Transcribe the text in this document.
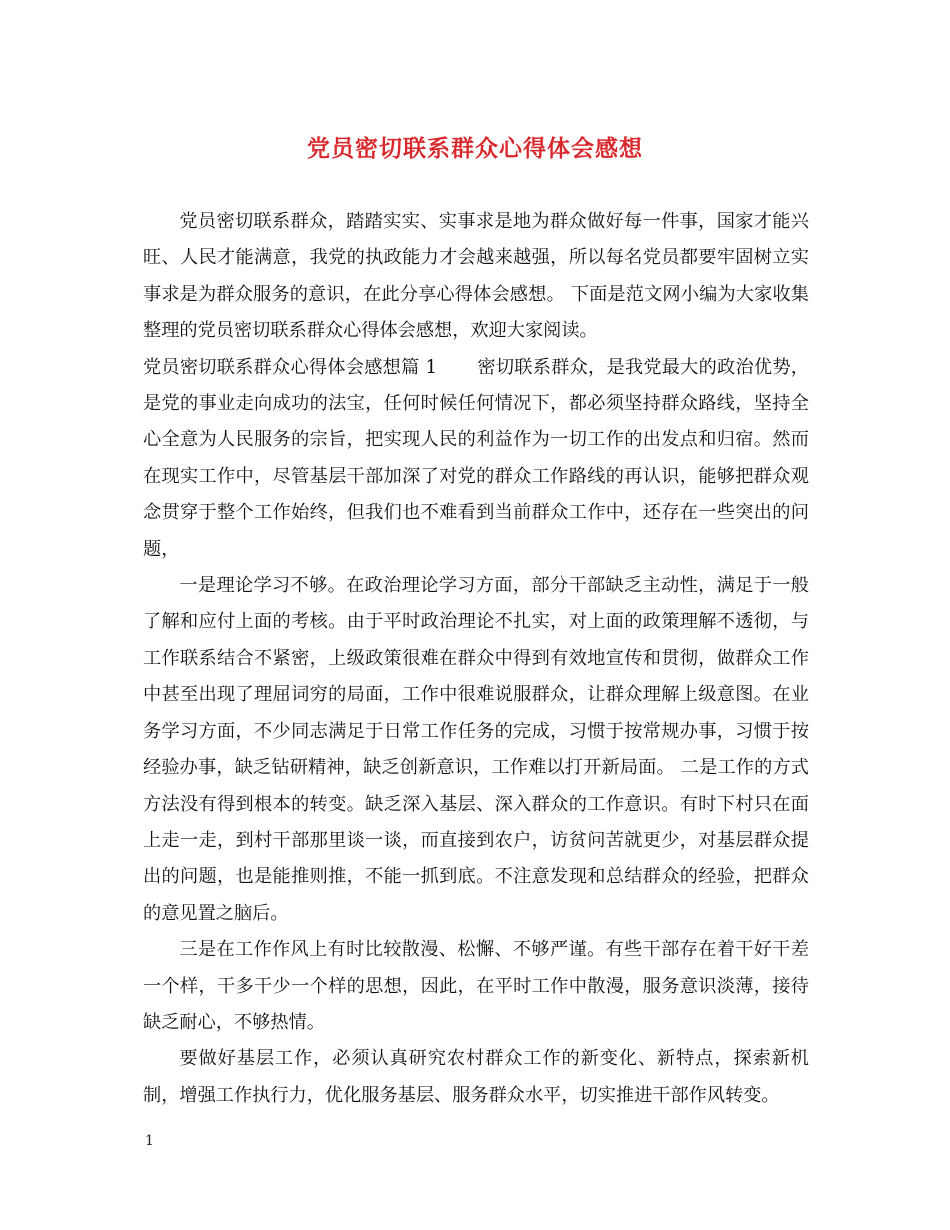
党员密切联系群众心得体会感想

党员密切联系群众，踏踏实实、实事求是地为群众做好每一件事，国家才能兴旺、人民才能满意，我党的执政能力才会越来越强，所以每名党员都要牢固树立实事求是为群众服务的意识，在此分享心得体会感想。 下面是范文网小编为大家收集整理的党员密切联系群众心得体会感想，欢迎大家阅读。

党员密切联系群众心得体会感想篇 1 密切联系群众，是我党最大的政治优势，是党的事业走向成功的法宝，任何时候任何情况下，都必须坚持群众路线，坚持全心全意为人民服务的宗旨，把实现人民的利益作为一切工作的出发点和归宿。然而在现实工作中，尽管基层干部加深了对党的群众工作路线的再认识，能够把群众观念贯穿于整个工作始终，但我们也不难看到当前群众工作中，还存在一些突出的问题，

一是理论学习不够。在政治理论学习方面，部分干部缺乏主动性，满足于一般了解和应付上面的考核。由于平时政治理论不扎实，对上面的政策理解不透彻，与工作联系结合不紧密，上级政策很难在群众中得到有效地宣传和贯彻，做群众工作中甚至出现了理屈词穷的局面，工作中很难说服群众，让群众理解上级意图。在业务学习方面，不少同志满足于日常工作任务的完成，习惯于按常规办事，习惯于按经验办事，缺乏钻研精神，缺乏创新意识，工作难以打开新局面。 二是工作的方式方法没有得到根本的转变。缺乏深入基层、深入群众的工作意识。有时下村只在面上走一走，到村干部那里谈一谈，而直接到农户，访贫问苦就更少，对基层群众提出的问题，也是能推则推，不能一抓到底。不注意发现和总结群众的经验，把群众的意见置之脑后。

三是在工作作风上有时比较散漫、松懈、不够严谨。有些干部存在着干好干差一个样，干多干少一个样的思想，因此，在平时工作中散漫，服务意识淡薄，接待缺乏耐心，不够热情。

要做好基层工作，必须认真研究农村群众工作的新变化、新特点，探索新机制，增强工作执行力，优化服务基层、服务群众水平，切实推进干部作风转变。

1
